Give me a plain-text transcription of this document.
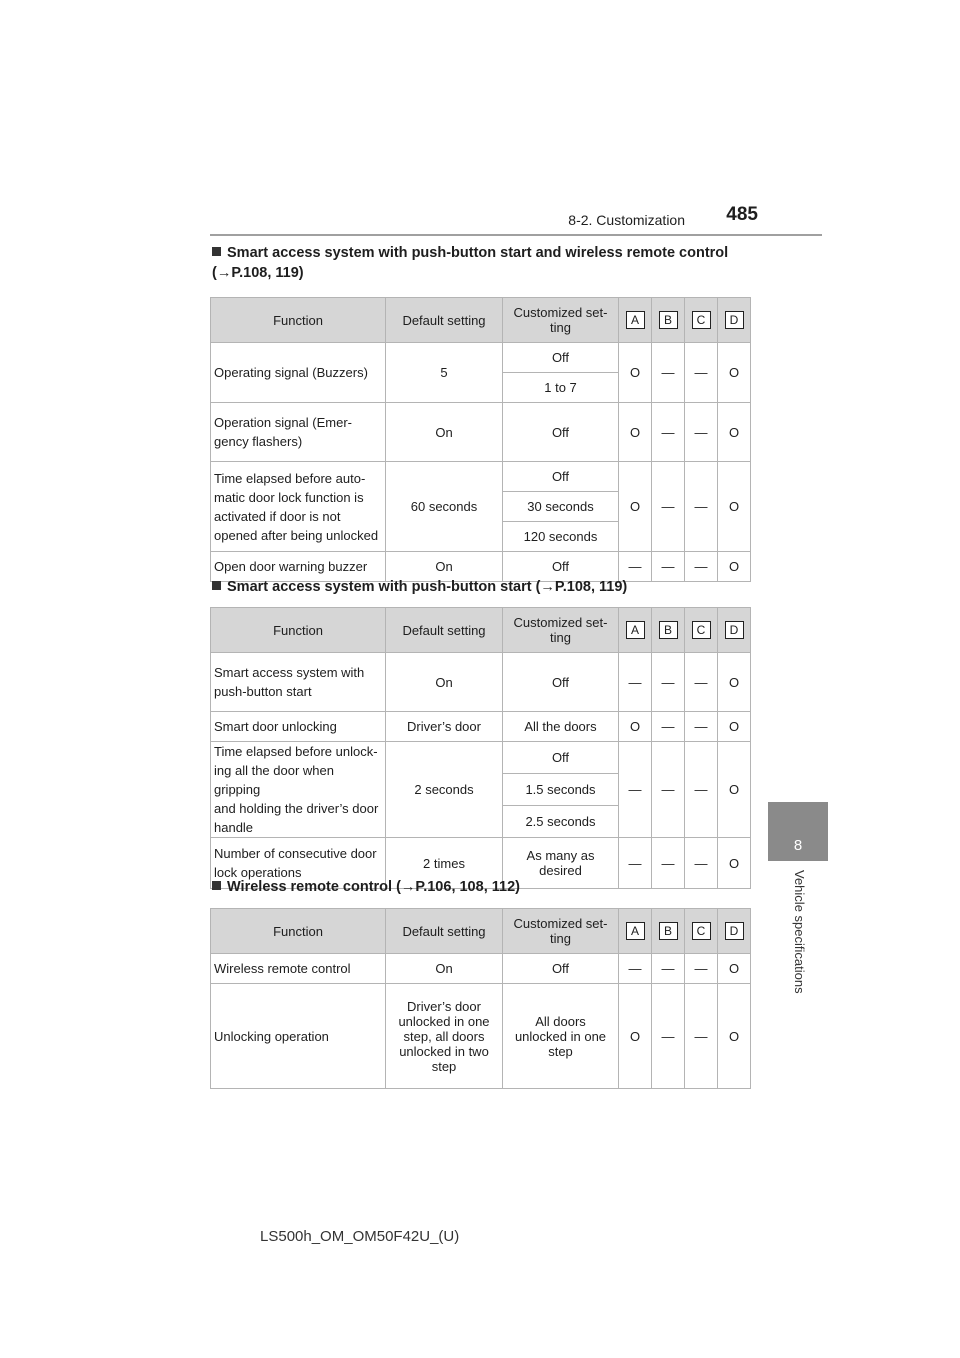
8-2. Customization 485
8
Vehicle specifications
Smart access system with push-button start and wireless remote control
(→P.108, 119)
Function	Default setting	Customized set-
ting	A	B	C	D
Operating signal (Buzzers)	5	Off	O	—	—	O
		1 to 7				
Operation signal (Emer-
gency flashers)	On	Off	O	—	—	O
Time elapsed before auto-
matic door lock function is
activated if door is not
opened after being unlocked	60 seconds	Off	O	—	—	O
		30 seconds				
		120 seconds				
Open door warning buzzer	On	Off	—	—	—	O
Smart access system with push-button start (→P.108, 119)
Function	Default setting	Customized set-
ting	A	B	C	D
Smart access system with
push-button start	On	Off	—	—	—	O
Smart door unlocking	Driver’s door	All the doors	O	—	—	O
Time elapsed before unlock-
ing all the door when gripping
and holding the driver’s door
handle	2 seconds	Off	—	—	—	O
		1.5 seconds				
		2.5 seconds				
Number of consecutive door
lock operations	2 times	As many as
desired	—	—	—	O
Wireless remote control (→P.106, 108, 112)
Function	Default setting	Customized set-
ting	A	B	C	D
Wireless remote control	On	Off	—	—	—	O
Unlocking operation	Driver’s door
unlocked in one
step, all doors
unlocked in two
step	All doors
unlocked in one
step	O	—	—	O
LS500h_OM_OM50F42U_(U)
